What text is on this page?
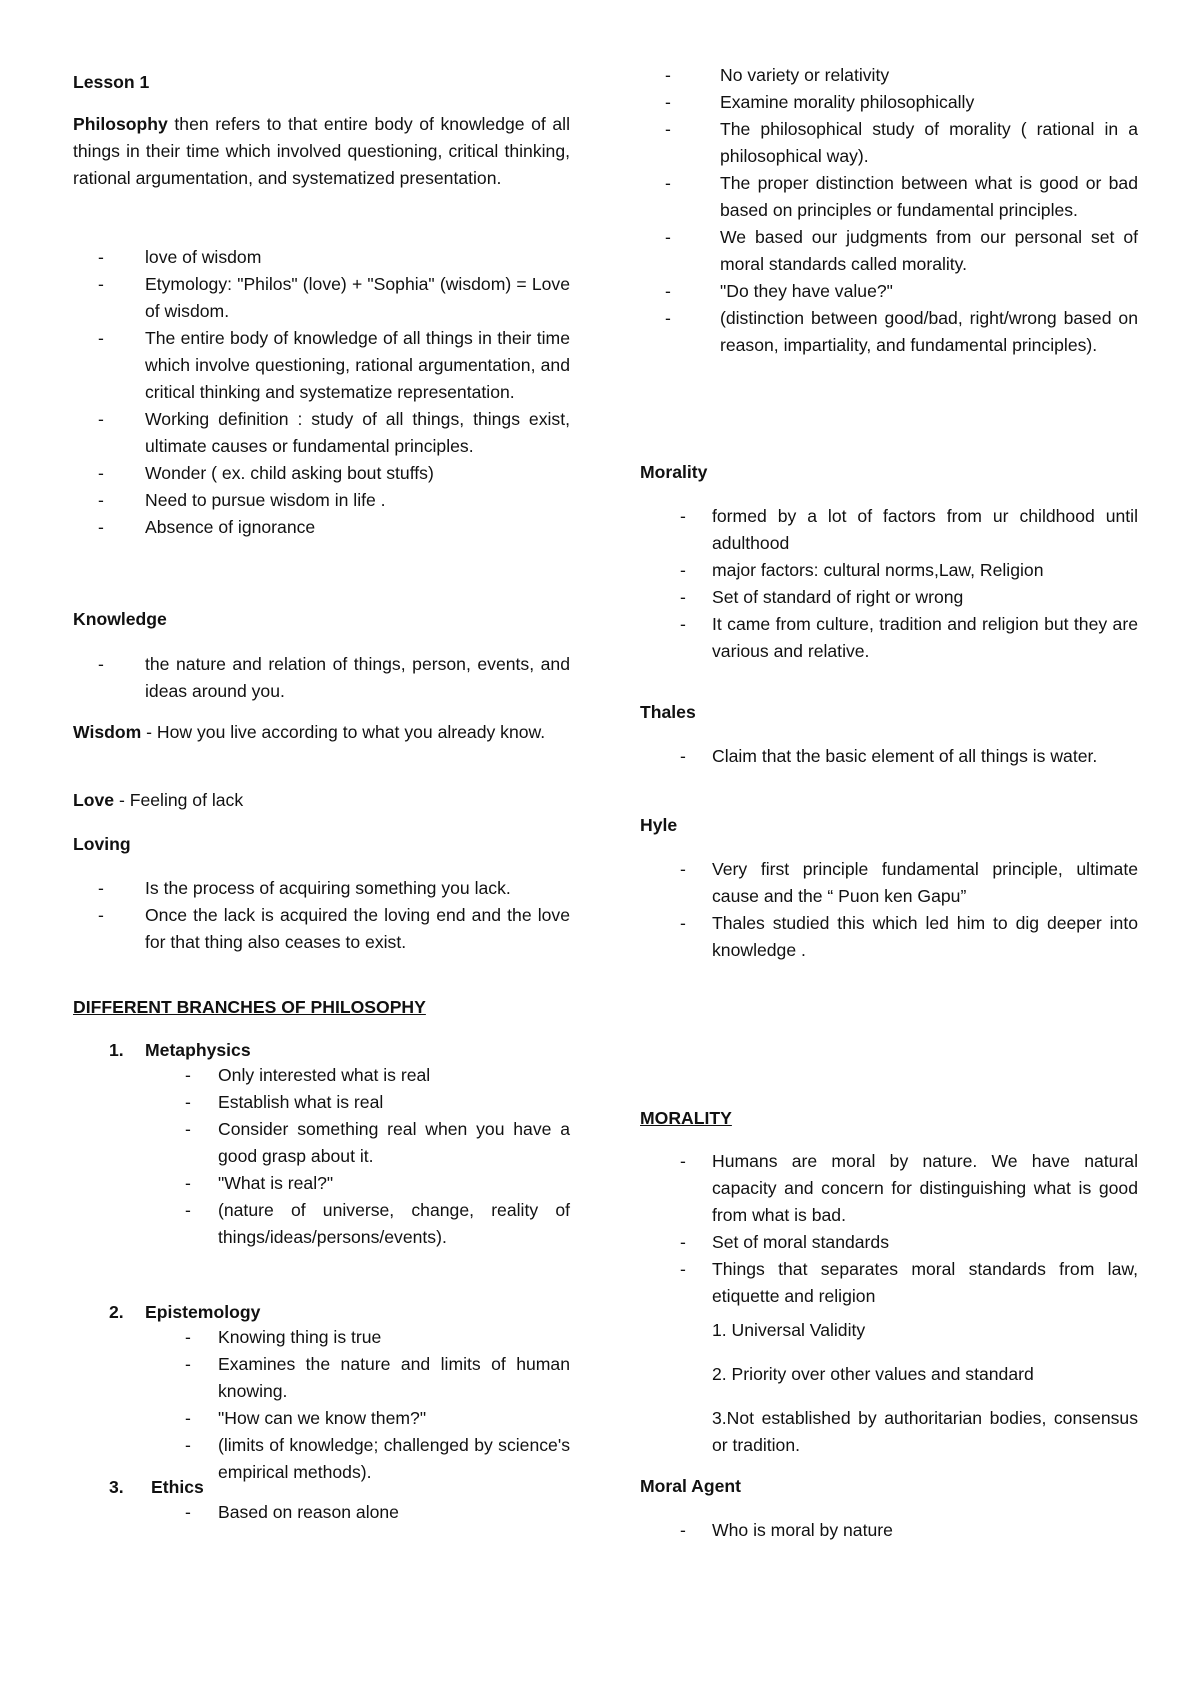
Lesson 1

Philosophy then refers to that entire body of knowledge of all things in their time which involved questioning, critical thinking, rational argumentation, and systematized presentation.

- love of wisdom
- Etymology: "Philos" (love) + "Sophia" (wisdom) = Love of wisdom.
- The entire body of knowledge of all things in their time which involve questioning, rational argumentation, and critical thinking and systematize representation.
- Working definition : study of all things, things exist, ultimate causes or fundamental principles.
- Wonder ( ex. child asking bout stuffs)
- Need to pursue wisdom in life .
- Absence of ignorance

Knowledge

- the nature and relation of things, person, events, and ideas around you.

Wisdom - How you live according to what you already know.

Love - Feeling of lack

Loving

- Is the process of acquiring something you lack.
- Once the lack is acquired the loving end and the love for that thing also ceases to exist.

DIFFERENT BRANCHES OF PHILOSOPHY

1. Metaphysics
- Only interested what is real
- Establish what is real
- Consider something real when you have a good grasp about it.
- "What is real?"
- (nature of universe, change, reality of things/ideas/persons/events).
2. Epistemology
- Knowing thing is true
- Examines the nature and limits of human knowing.
- "How can we know them?"
- (limits of knowledge; challenged by science's empirical methods).
3. Ethics
- Based on reason alone
- No variety or relativity
- Examine morality philosophically
- The philosophical study of morality ( rational in a philosophical way).
- The proper distinction between what is good or bad based on principles or fundamental principles.
- We based our judgments from our personal set of moral standards called morality.
- "Do they have value?"
- (distinction between good/bad, right/wrong based on reason, impartiality, and fundamental principles).

Morality

- formed by a lot of factors from ur childhood until adulthood
- major factors: cultural norms,Law, Religion
- Set of standard of right or wrong
- It came from culture, tradition and religion but they are various and relative.

Thales

- Claim that the basic element of all things is water.

Hyle

- Very first principle fundamental principle, ultimate cause and the “ Puon ken Gapu”
- Thales studied this which led him to dig deeper into knowledge .

MORALITY

- Humans are moral by nature. We have natural capacity and concern for distinguishing what is good from what is bad.
- Set of moral standards
- Things that separates moral standards from law, etiquette and religion

1. Universal Validity

2. Priority over other values and standard

3.Not established by authoritarian bodies, consensus or tradition.

Moral Agent

- Who is moral by nature
